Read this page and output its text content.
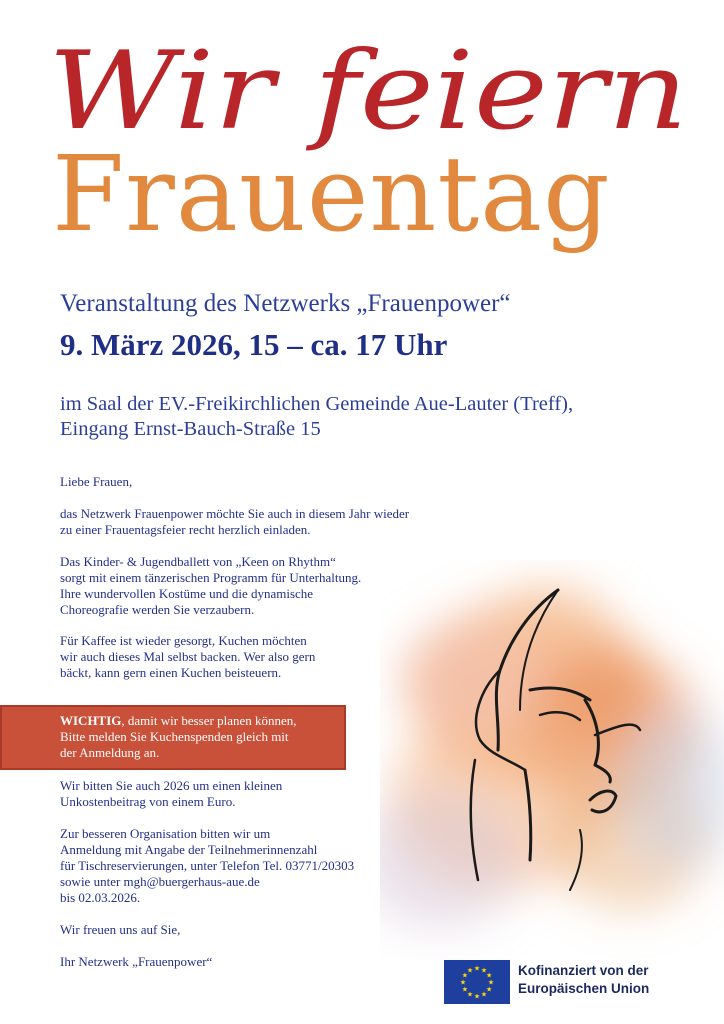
Wir feiern
Frauentag

Veranstaltung des Netzwerks „Frauenpower“

9. März 2026, 15 – ca. 17 Uhr

im Saal der EV.-Freikirchlichen Gemeinde Aue-Lauter (Treff),
Eingang Ernst-Bauch-Straße 15

Liebe Frauen,

das Netzwerk Frauenpower möchte Sie auch in diesem Jahr wieder
zu einer Frauentagsfeier recht herzlich einladen.

Das Kinder- & Jugendballett von „Keen on Rhythm“
sorgt mit einem tänzerischen Programm für Unterhaltung.
Ihre wundervollen Kostüme und die dynamische
Choreografie werden Sie verzaubern.

Für Kaffee ist wieder gesorgt, Kuchen möchten
wir auch dieses Mal selbst backen. Wer also gern
bäckt, kann gern einen Kuchen beisteuern.

WICHTIG, damit wir besser planen können,
Bitte melden Sie Kuchenspenden gleich mit
der Anmeldung an.

Wir bitten Sie auch 2026 um einen kleinen
Unkostenbeitrag von einem Euro.

Zur besseren Organisation bitten wir um
Anmeldung mit Angabe der Teilnehmerinnenzahl
für Tischreservierungen, unter Telefon Tel. 03771/20303
sowie unter mgh@buergerhaus-aue.de
bis 02.03.2026.

Wir freuen uns auf Sie,

Ihr Netzwerk „Frauenpower“	★ ★
★
★
★
★
★
★
★
★
★
★	Kofinanziert von der
Europäischen Union
